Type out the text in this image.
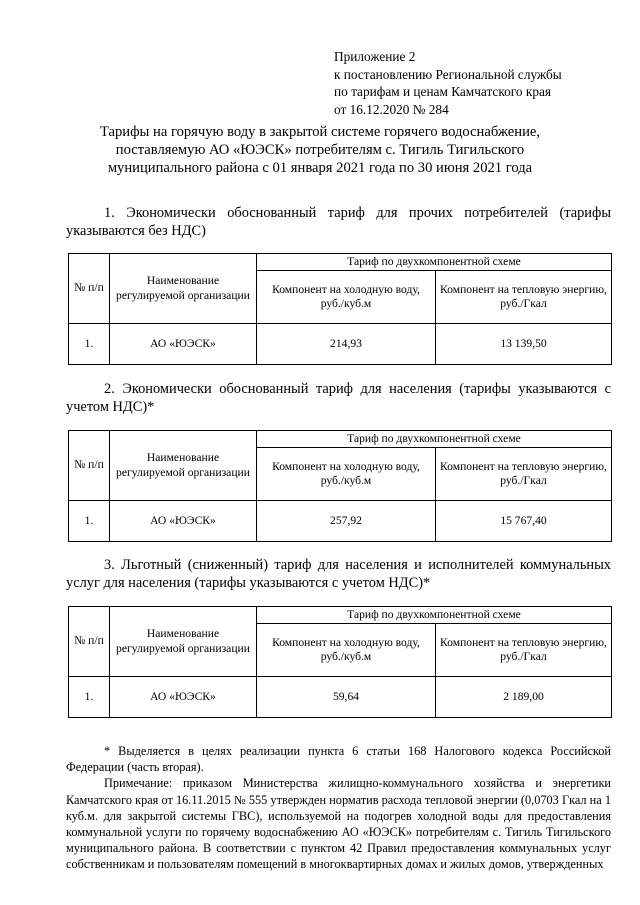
Приложение 2
к постановлению Региональной службы
по тарифам и ценам Камчатского края
от 16.12.2020 № 284
Тарифы на горячую воду в закрытой системе горячего водоснабжение,
поставляемую АО «ЮЭСК» потребителям с. Тигиль Тигильского
муниципального района с 01 января 2021 года по 30 июня 2021 года
1. Экономически обоснованный тариф для прочих потребителей (тарифы
указываются без НДС)
№ п/п	Наименование регулируемой организации	Тариф по двухкомпонентной схеме	
		Компонент на холодную воду, руб./куб.м	Компонент на тепловую энергию, руб./Гкал
1.	АО «ЮЭСК»	214,93	13 139,50
2. Экономически обоснованный тариф для населения (тарифы указываются с
учетом НДС)*
№ п/п	Наименование регулируемой организации	Тариф по двухкомпонентной схеме	
		Компонент на холодную воду, руб./куб.м	Компонент на тепловую энергию, руб./Гкал
1.	АО «ЮЭСК»	257,92	15 767,40
3. Льготный (сниженный) тариф для населения и исполнителей коммунальных
услуг для населения (тарифы указываются с учетом НДС)*
№ п/п	Наименование регулируемой организации	Тариф по двухкомпонентной схеме	
		Компонент на холодную воду, руб./куб.м	Компонент на тепловую энергию, руб./Гкал
1.	АО «ЮЭСК»	59,64	2 189,00

* Выделяется в целях реализации пункта 6 статьи 168 Налогового кодекса Российской Федерации (часть вторая).

Примечание: приказом Министерства жилищно-коммунального хозяйства и энергетики Камчатского края от 16.11.2015 № 555 утвержден норматив расхода тепловой энергии (0,0703 Гкал на 1 куб.м. для закрытой системы ГВС), используемой на подогрев холодной воды для предоставления коммунальной услуги по горячему водоснабжению АО «ЮЭСК» потребителям с. Тигиль Тигильского муниципального района. В соответствии с пунктом 42 Правил предоставления коммунальных услуг собственникам и пользователям помещений в многоквартирных домах и жилых домов, утвержденных
